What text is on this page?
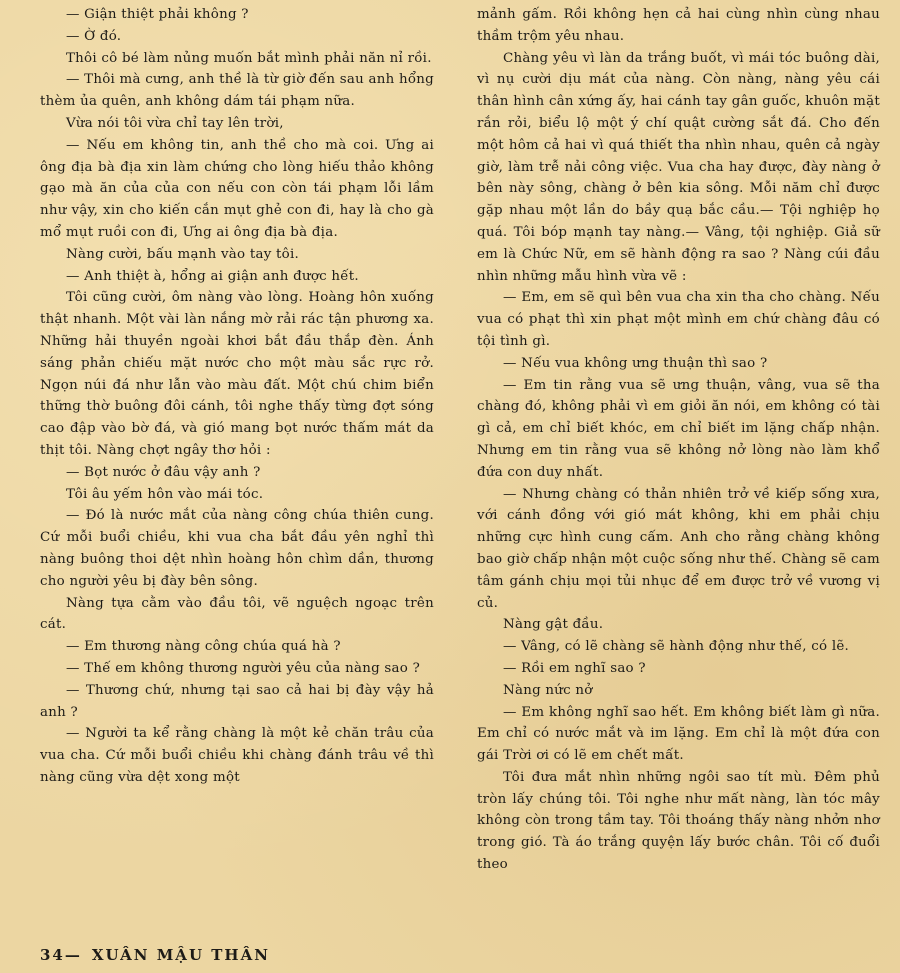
— Giận thiệt phải không ?

— Ờ đó.

Thôi cô bé làm nủng muốn bắt mình phải năn nỉ rồi.

— Thôi mà cưng, anh thề là từ giờ đến sau anh hổng thèm ủa quên, anh không dám tái phạm nữa.

Vừa nói tôi vừa chỉ tay lên trời,

— Nếu em không tin, anh thề cho mà coi. Ưng ai ông địa bà địa xin làm chứng cho lòng hiếu thảo không gạo mà ăn của của con nếu con còn tái phạm lỗi lầm như vậy, xin cho kiến cắn mụt ghẻ con đi, hay là cho gà mổ mụt ruồi con đi, Ưng ai ông địa bà địa.

Nàng cười, bấu mạnh vào tay tôi.

— Anh thiệt à, hổng ai giận anh được hết.

Tôi cũng cười, ôm nàng vào lòng. Hoàng hôn xuống thật nhanh. Một vài làn nắng mờ rải rác tận phương xa. Những hải thuyền ngoài khơi bắt đầu thắp đèn. Ánh sáng phản chiếu mặt nước cho một màu sắc rực rở. Ngọn núi đá như lẫn vào màu đất. Một chú chim biển thững thờ buông đôi cánh, tôi nghe thấy từng đợt sóng cao đập vào bờ đá, và gió mang bọt nước thấm mát da thịt tôi. Nàng chợt ngây thơ hỏi :

— Bọt nước ở đâu vậy anh ?

Tôi âu yếm hôn vào mái tóc.

— Đó là nước mắt của nàng công chúa thiên cung. Cứ mỗi buổi chiều, khi vua cha bắt đầu yên nghỉ thì nàng buông thoi dệt nhìn hoàng hôn chìm dần, thương cho người yêu bị đày bên sông.

Nàng tựa cằm vào đầu tôi, vẽ nguệch ngoạc trên cát.

— Em thương nàng công chúa quá hà ?

— Thế em không thương người yêu của nàng sao ?

— Thương chứ, nhưng tại sao cả hai bị đày vậy hả anh ?

— Người ta kể rằng chàng là một kẻ chăn trâu của vua cha. Cứ mỗi buổi chiều khi chàng đánh trâu về thì nàng cũng vừa dệt xong một

mảnh gấm. Rồi không hẹn cả hai cùng nhìn cùng nhau thầm trộm yêu nhau.

Chàng yêu vì làn da trắng buốt, vì mái tóc buông dài, vì nụ cười dịu mát của nàng. Còn nàng, nàng yêu cái thân hình cân xứng ấy, hai cánh tay gân guốc, khuôn mặt rắn rỏi, biểu lộ một ý chí quật cường sắt đá. Cho đến một hôm cả hai vì quá thiết tha nhìn nhau, quên cả ngày giờ, làm trễ nải công việc. Vua cha hay được, đày nàng ở bên này sông, chàng ở bên kia sông. Mỗi năm chỉ được gặp nhau một lần do bầy quạ bắc cầu.— Tội nghiệp họ quá. Tôi bóp mạnh tay nàng.— Vâng, tội nghiệp. Giả sữ em là Chức Nữ, em sẽ hành động ra sao ? Nàng cúi đầu nhìn những mẫu hình vừa vẽ :

— Em, em sẽ quì bên vua cha xin tha cho chàng. Nếu vua có phạt thì xin phạt một mình em chứ chàng đâu có tội tình gì.

— Nếu vua không ưng thuận thì sao ?

— Em tin rằng vua sẽ ưng thuận, vâng, vua sẽ tha chàng đó, không phải vì em giỏi ăn nói, em không có tài gì cả, em chỉ biết khóc, em chỉ biết im lặng chấp nhận. Nhưng em tin rằng vua sẽ không nở lòng nào làm khổ đứa con duy nhất.

— Nhưng chàng có thản nhiên trở về kiếp sống xưa, với cánh đồng với gió mát không, khi em phải chịu những cực hình cung cấm. Anh cho rằng chàng không bao giờ chấp nhận một cuộc sống như thế. Chàng sẽ cam tâm gánh chịu mọi tủi nhục để em được trở về vương vị củ.

Nàng gật đầu.

— Vâng, có lẽ chàng sẽ hành động như thế, có lẽ.

— Rồi em nghĩ sao ?

Nàng nức nở

— Em không nghĩ sao hết. Em không biết làm gì nữa. Em chỉ có nước mắt và im lặng. Em chỉ là một đứa con gái Trời ơi có lẽ em chết mất.

Tôi đưa mắt nhìn những ngôi sao tít mù. Đêm phủ tròn lấy chúng tôi. Tôi nghe như mất nàng, làn tóc mây không còn trong tầm tay. Tôi thoáng thấy nàng nhởn nhơ trong gió. Tà áo trắng quyện lấy bước chân. Tôi cố đuổi theo

34— XUÂN MẬU THÂN
